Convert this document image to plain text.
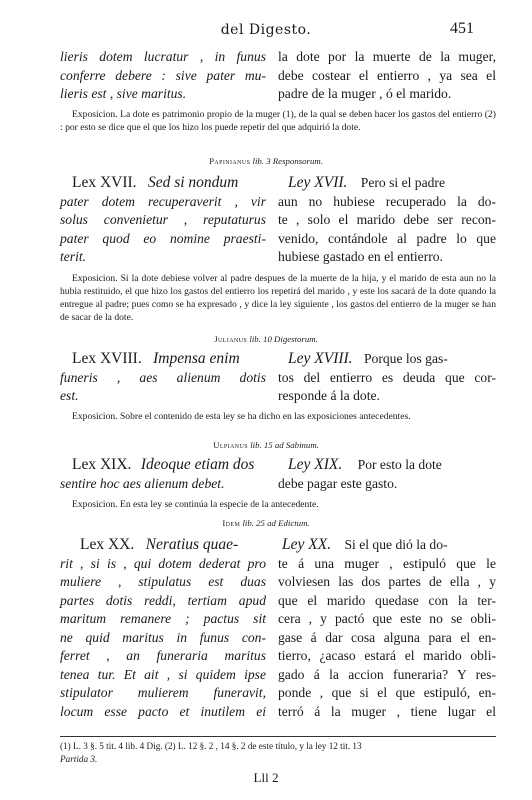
del Digesto.	451
lieris dotem lucratur , in funus
conferre debere : sive pater mu-
lieris est , sive maritus.
la dote por la muerte de la muger,
debe costear el entierro , ya sea el
padre de la muger , ó el marido.
Exposicion. La dote es patrimonio propio de la muger (1), de la qual se deben hacer los gastos del entierro (2) : por esto se dice que el que los hizo los puede repetir del que adquirió la dote.
Papinianus lib. 3 Responsorum.
Lex XVII. Sed si nondum
pater dotem recuperaverit , vir
solus convenietur , reputaturus
pater quod eo nomine praesti-
terit.
Ley XVII. Pero si el padre
aun no hubiese recuperado la do-
te , solo el marido debe ser recon-
venido, contándole al padre lo que
hubiese gastado en el entierro.
Exposicion. Si la dote debiese volver al padre despues de la muerte de la hija, y el marido de esta aun no la hubia restituido, el que hizo los gastos del entierro los repetirá del marido , y este los sacará de la dote quando la entregue al padre; pues como se ha expresado , y dice la ley siguiente , los gastos del entierro de la muger se han de sacar de la dote.
Julianus lib. 10 Digestorum.
Lex XVIII. Impensa enim
funeris , aes alienum dotis
est.
Ley XVIII. Porque los gas-
tos del entierro es deuda que cor-
responde á la dote.
Exposicion. Sobre el contenido de esta ley se ha dicho en las exposiciones antecedentes.
Ulpianus lib. 15 ad Sabinum.
Lex XIX. Ideoque etiam dos
sentire hoc aes alienum debet.
Ley XIX. Por esto la dote
debe pagar este gasto.
Exposicion. En esta ley se continúa la especie de la antecedente.
Idem lib. 25 ad Edictum.
Lex XX. Neratius quae-
rit , si is , qui dotem dederat pro
muliere , stipulatus est duas
partes dotis reddi, tertiam apud
maritum remanere ; pactus sit
ne quid maritus in funus con-
ferret , an funeraria maritus
tenea tur. Et ait , si quidem ipse
stipulator mulierem funeravit,
locum esse pacto et inutilem ei
Ley XX. Si el que dió la do-
te á una muger , estipuló que le
volviesen las dos partes de ella , y
que el marido quedase con la ter-
cera , y pactó que este no se obli-
gase á dar cosa alguna para el en-
tierro, ¿acaso estará el marido obli-
gado á la accion funeraria? Y res-
ponde , que si el que estipuló, en-
terró á la muger , tiene lugar el
(1) L. 3 §. 5 tit. 4 lib. 4 Dig. (2) L. 12 §. 2 , 14 §. 2 de este título, y la ley 12 tit. 13
Partida 3.
Lll 2
